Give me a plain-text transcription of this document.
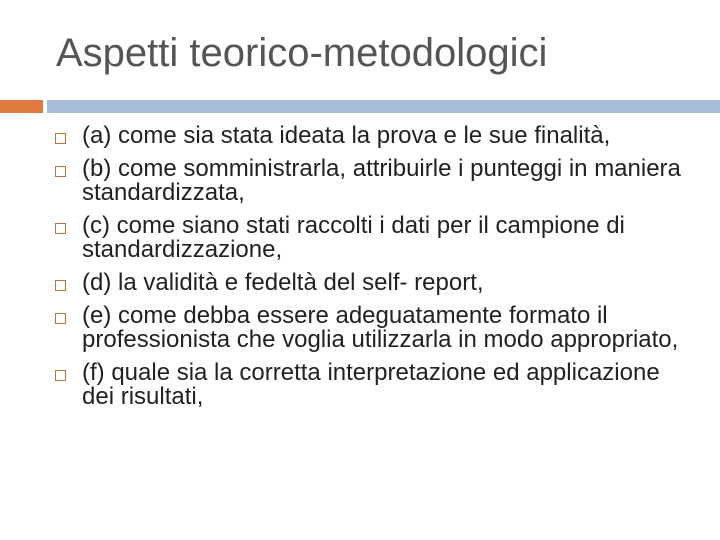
Aspetti teorico-metodologici
(a) come sia stata ideata la prova e le sue finalità,
(b) come somministrarla, attribuirle i punteggi in maniera standardizzata,
(c) come siano stati raccolti i dati per il campione di standardizzazione,
(d) la validità e fedeltà del self- report,
(e) come debba essere adeguatamente formato il professionista che voglia utilizzarla in modo appropriato,
(f) quale sia la corretta interpretazione ed applicazione dei risultati,
